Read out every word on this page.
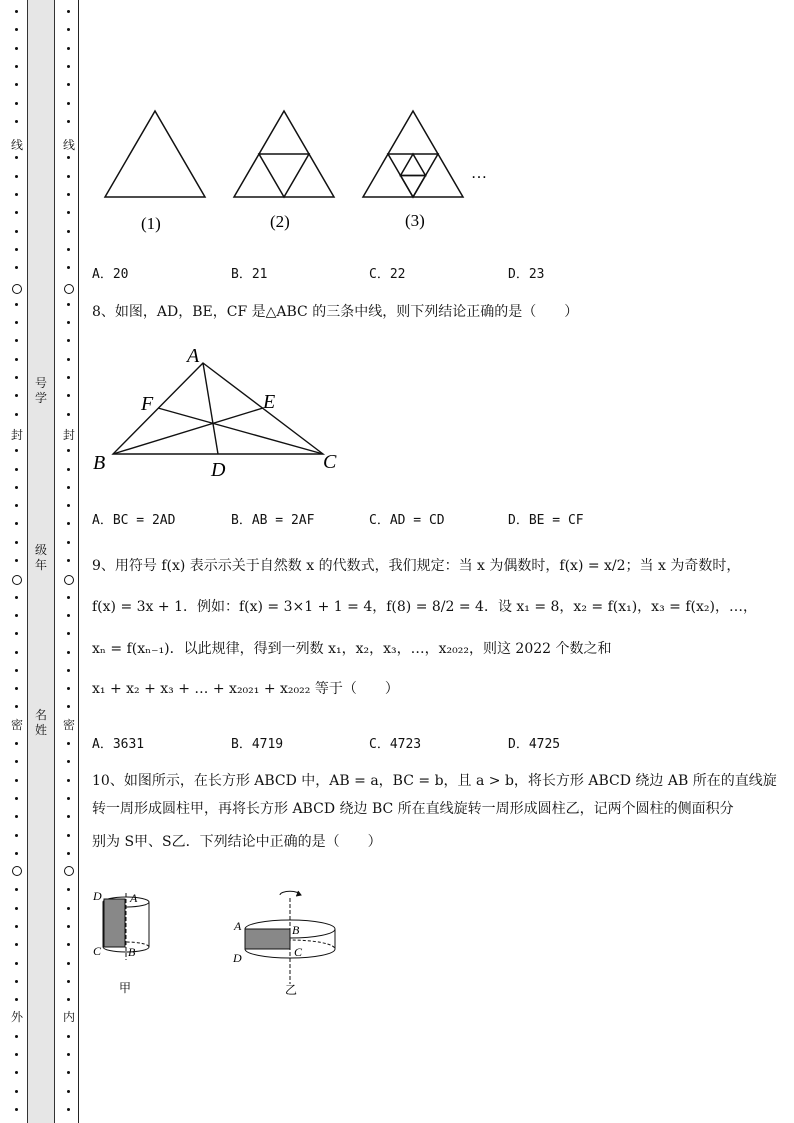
线
封
密
外
线
封
密
内
号学
级年
名姓
(1)	(2)	(3)
…
A．20	B．21	C．22	D．23
8、如图，AD，BE，CF 是△ABC 的三条中线，则下列结论正确的是（　　）
A
F	E
B	D	C
A．BC = 2AD	B．AB = 2AF	C．AD = CD	D．BE = CF
9、用符号 f(x) 表示示关于自然数 x 的代数式，我们规定：当 x 为偶数时，f(x) = x/2；当 x 为奇数时，
f(x) = 3x + 1．例如：f(x) = 3×1 + 1 = 4，f(8) = 8/2 = 4．设 x₁ = 8，x₂ = f(x₁)，x₃ = f(x₂)，…，
xₙ = f(xₙ₋₁)．以此规律，得到一列数 x₁，x₂，x₃，…，x₂₀₂₂，则这 2022 个数之和
x₁ + x₂ + x₃ + … + x₂₀₂₁ + x₂₀₂₂ 等于（　　）
A．3631	B．4719	C．4723	D．4725
10、如图所示，在长方形 ABCD 中，AB = a，BC = b，且 a > b，将长方形 ABCD 绕边 AB 所在的直线旋
转一周形成圆柱甲，再将长方形 ABCD 绕边 BC 所在直线旋转一周形成圆柱乙，记两个圆柱的侧面积分
别为 S甲、S乙．下列结论中正确的是（　　）
D A
C B
甲
A	B
D	C
乙
